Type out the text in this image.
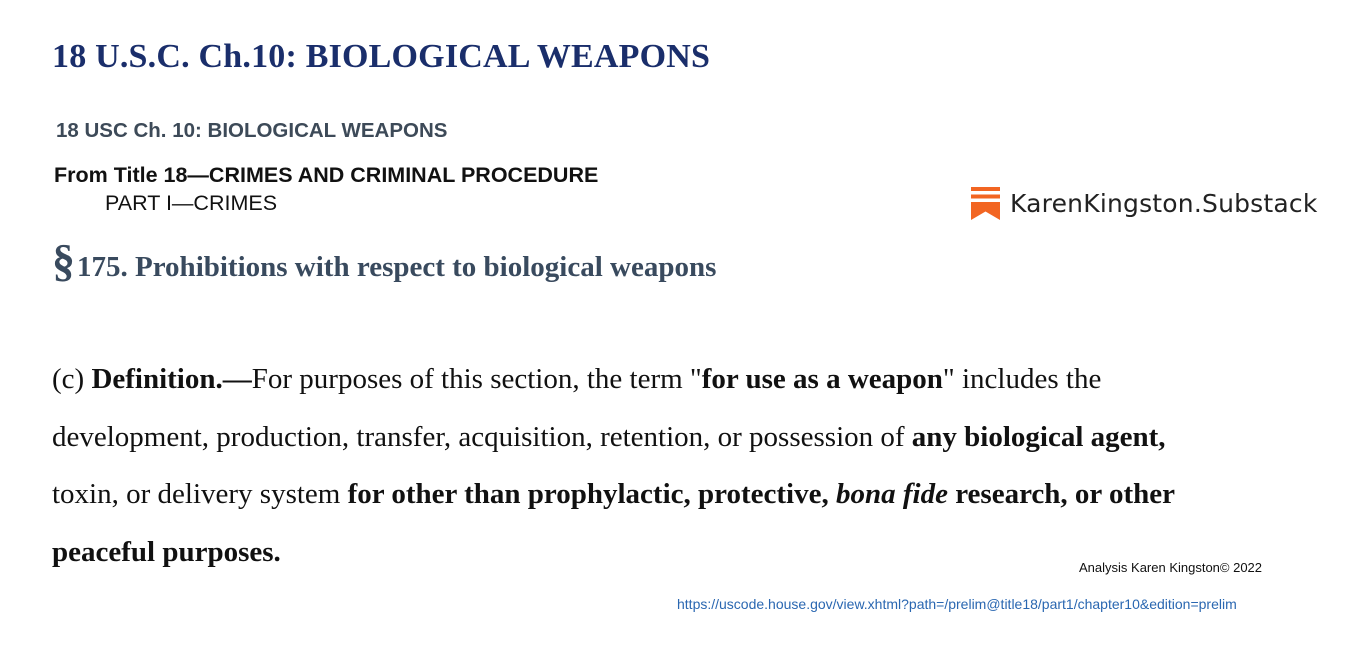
18 U.S.C. Ch.10: BIOLOGICAL WEAPONS
18 USC Ch. 10: BIOLOGICAL WEAPONS
From Title 18—CRIMES AND CRIMINAL PROCEDURE
PART I—CRIMES
§ 175. Prohibitions with respect to biological weapons
KarenKingston.Substack
(c) Definition.—For purposes of this section, the term "for use as a weapon" includes the
development, production, transfer, acquisition, retention, or possession of any biological agent,
toxin, or delivery system for other than prophylactic, protective, bona fide research, or other
peaceful purposes.	Analysis Karen Kingston© 2022
https://uscode.house.gov/view.xhtml?path=/prelim@title18/part1/chapter10&edition=prelim
